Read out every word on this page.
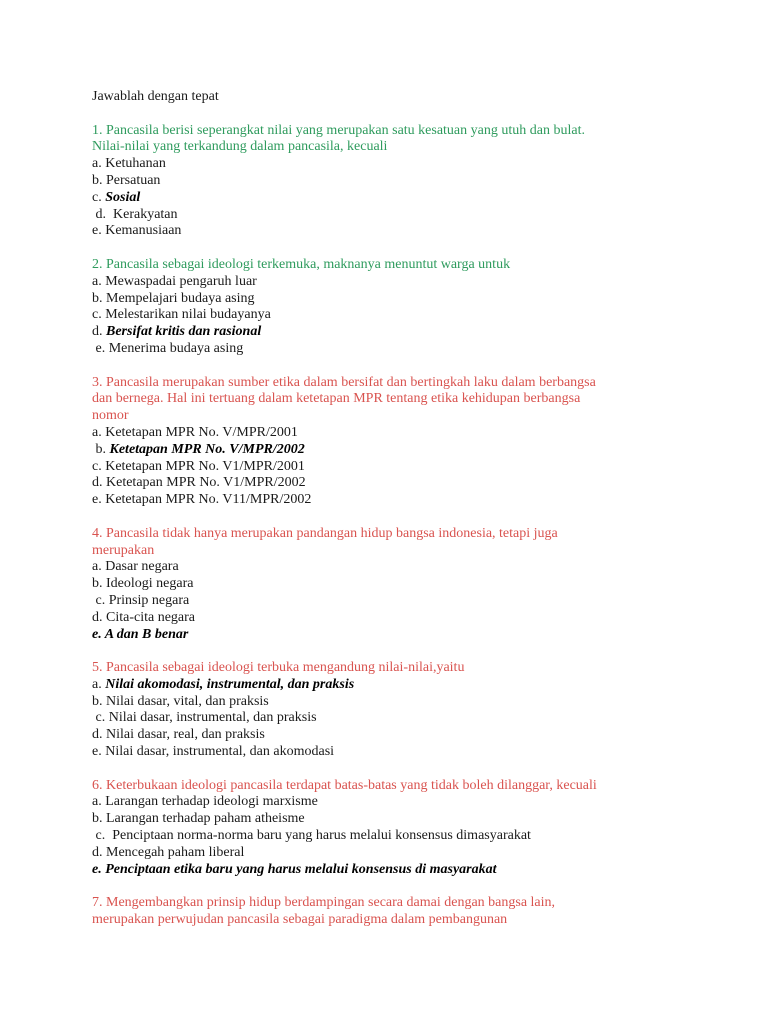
Jawablah dengan tepat
1. Pancasila berisi seperangkat nilai yang merupakan satu kesatuan yang utuh dan bulat.
Nilai-nilai yang terkandung dalam pancasila, kecuali
a. Ketuhanan
b. Persatuan
c. Sosial
d.  Kerakyatan
e. Kemanusiaan
2. Pancasila sebagai ideologi terkemuka, maknanya menuntut warga untuk
a. Mewaspadai pengaruh luar
b. Mempelajari budaya asing
c. Melestarikan nilai budayanya
d. Bersifat kritis dan rasional
e. Menerima budaya asing
3. Pancasila merupakan sumber etika dalam bersifat dan bertingkah laku dalam berbangsa
dan bernega. Hal ini tertuang dalam ketetapan MPR tentang etika kehidupan berbangsa
nomor
a. Ketetapan MPR No. V/MPR/2001
b. Ketetapan MPR No. V/MPR/2002
c. Ketetapan MPR No. V1/MPR/2001
d. Ketetapan MPR No. V1/MPR/2002
e. Ketetapan MPR No. V11/MPR/2002
4. Pancasila tidak hanya merupakan pandangan hidup bangsa indonesia, tetapi juga
merupakan
a. Dasar negara
b. Ideologi negara
c. Prinsip negara
d. Cita-cita negara
e. A dan B benar
5. Pancasila sebagai ideologi terbuka mengandung nilai-nilai,yaitu
a. Nilai akomodasi, instrumental, dan praksis
b. Nilai dasar, vital, dan praksis
c. Nilai dasar, instrumental, dan praksis
d. Nilai dasar, real, dan praksis
e. Nilai dasar, instrumental, dan akomodasi
6. Keterbukaan ideologi pancasila terdapat batas-batas yang tidak boleh dilanggar, kecuali
a. Larangan terhadap ideologi marxisme
b. Larangan terhadap paham atheisme
c.  Penciptaan norma-norma baru yang harus melalui konsensus dimasyarakat
d. Mencegah paham liberal
e. Penciptaan etika baru yang harus melalui konsensus di masyarakat
7. Mengembangkan prinsip hidup berdampingan secara damai dengan bangsa lain,
merupakan perwujudan pancasila sebagai paradigma dalam pembangunan
